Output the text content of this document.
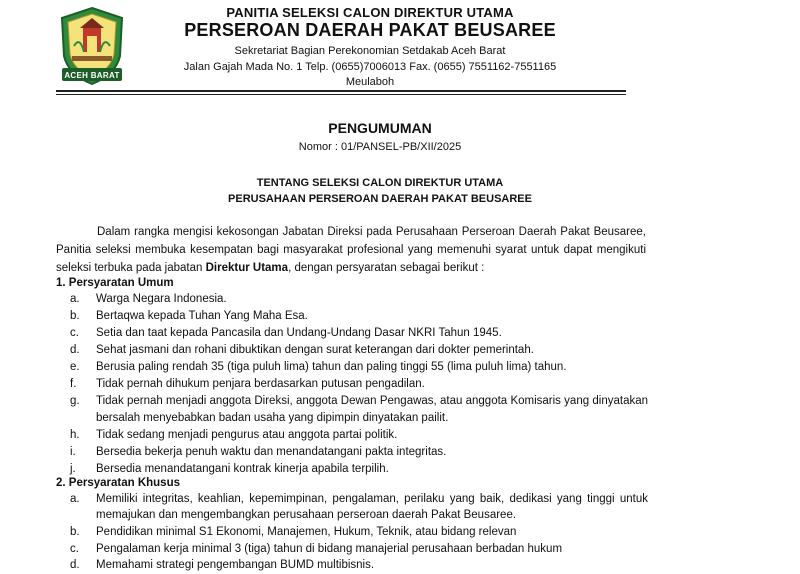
ACEH BARAT
PANITIA SELEKSI CALON DIREKTUR UTAMA
PERSEROAN DAERAH PAKAT BEUSAREE
Sekretariat Bagian Perekonomian Setdakab Aceh Barat
Jalan Gajah Mada No. 1 Telp. (0655)7006013 Fax. (0655) 7551162-7551165
Meulaboh
PENGUMUMAN
Nomor : 01/PANSEL-PB/XII/2025
TENTANG SELEKSI CALON DIREKTUR UTAMA
PERUSAHAAN PERSEROAN DAERAH PAKAT BEUSAREE
Dalam rangka mengisi kekosongan Jabatan Direksi pada Perusahaan Perseroan Daerah Pakat Beusaree, Panitia seleksi membuka kesempatan bagi masyarakat profesional yang memenuhi syarat untuk dapat mengikuti seleksi terbuka pada jabatan Direktur Utama, dengan persyaratan sebagai berikut :
1. Persyaratan Umum
a. Warga Negara Indonesia.
b. Bertaqwa kepada Tuhan Yang Maha Esa.
c. Setia dan taat kepada Pancasila dan Undang-Undang Dasar NKRI Tahun 1945.
d. Sehat jasmani dan rohani dibuktikan dengan surat keterangan dari dokter pemerintah.
e. Berusia paling rendah 35 (tiga puluh lima) tahun dan paling tinggi 55 (lima puluh lima) tahun.
f. Tidak pernah dihukum penjara berdasarkan putusan pengadilan.
g. Tidak pernah menjadi anggota Direksi, anggota Dewan Pengawas, atau anggota Komisaris yang dinyatakan bersalah menyebabkan badan usaha yang dipimpin dinyatakan pailit.
h. Tidak sedang menjadi pengurus atau anggota partai politik.
i. Bersedia bekerja penuh waktu dan menandatangani pakta integritas.
j. Bersedia menandatangani kontrak kinerja apabila terpilih.
2. Persyaratan Khusus
a. Memiliki integritas, keahlian, kepemimpinan, pengalaman, perilaku yang baik, dedikasi yang tinggi untuk memajukan dan mengembangkan perusahaan perseroan daerah Pakat Beusaree.
b. Pendidikan minimal S1 Ekonomi, Manajemen, Hukum, Teknik, atau bidang relevan
c. Pengalaman kerja minimal 3 (tiga) tahun di bidang manajerial perusahaan berbadan hukum
d. Memahami strategi pengembangan BUMD multibisnis.
